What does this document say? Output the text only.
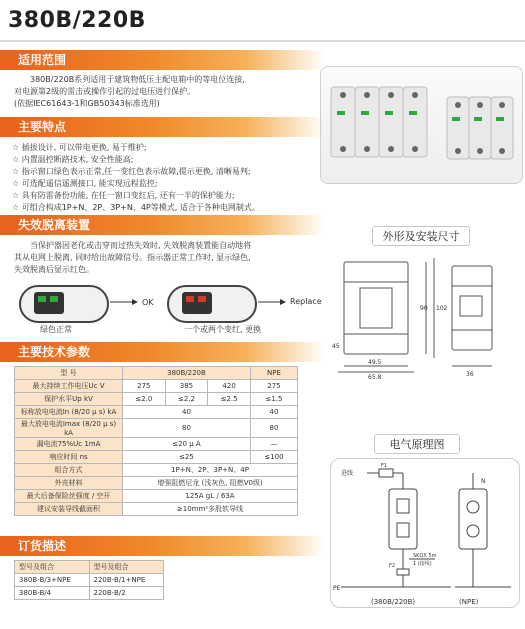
380B/220B
适用范围
380B/220B系列适用于建筑物低压主配电箱中的等电位连接,
对电源第2级的雷击或操作引起的过电压进行保护。
(依据IEC61643-1和GB50343标准选用)
主要特点
☆ 插拔设计, 可以带电更换, 易于维护;
☆ 内置温控断路技术, 安全性能高;
☆ 指示窗口绿色表示正常,任一变红色表示故障,提示更换, 清晰易判;
☆ 可选配遥信遥测接口, 能实现远程监控;
☆ 具有防雷备份功能, 在任一窗口变红后, 还有一半的保护能力;
☆ 可组合构成1P+N、2P、3P+N、4P等模式, 适合于各种电网制式。
失效脱离装置
当保护器因老化或击穿而过热失效时, 失效脱离装置能自动地将
其从电网上脱离, 同时给出故障信号。指示器正常工作时, 显示绿色,
失效脱离后显示红色。
OK	Replace
绿色正常	一个或两个变红, 更换
主要技术参数
型 号	380B/220B			NPE
最大持续工作电压Uc V	275	385	420	275
保护水平Up kV	≤2.0	≤2.2	≤2.5	≤1.5
标称放电电流In (8/20 μ s) kA	40			40
最大放电电流Imax (8/20 μ s) kA	80			80
漏电流75%Uc 1mA	≤20 μ A			—
响应时间 ns	≤25			≤100
组合方式	1P+N、2P、3P+N、4P			
外壳材料	增强阻燃尼龙 (浅灰色, 阻燃V0级)			
最大后备保险丝强度 / 空开	125A gL / 63A			
建议安装导线截面积	≥10mm²多股软导线			
订货描述
型号及组合	型号及组合
380B-B/3+NPE	220B-B/1+NPE
380B-B/4	220B-B/2
外形及安装尺寸
49.5
65.8
90 102
36
45
电气原理图
进线
F1
F2
SKQX 5m
1 (接线)
PE
N
(380B/220B)	(NPE)
